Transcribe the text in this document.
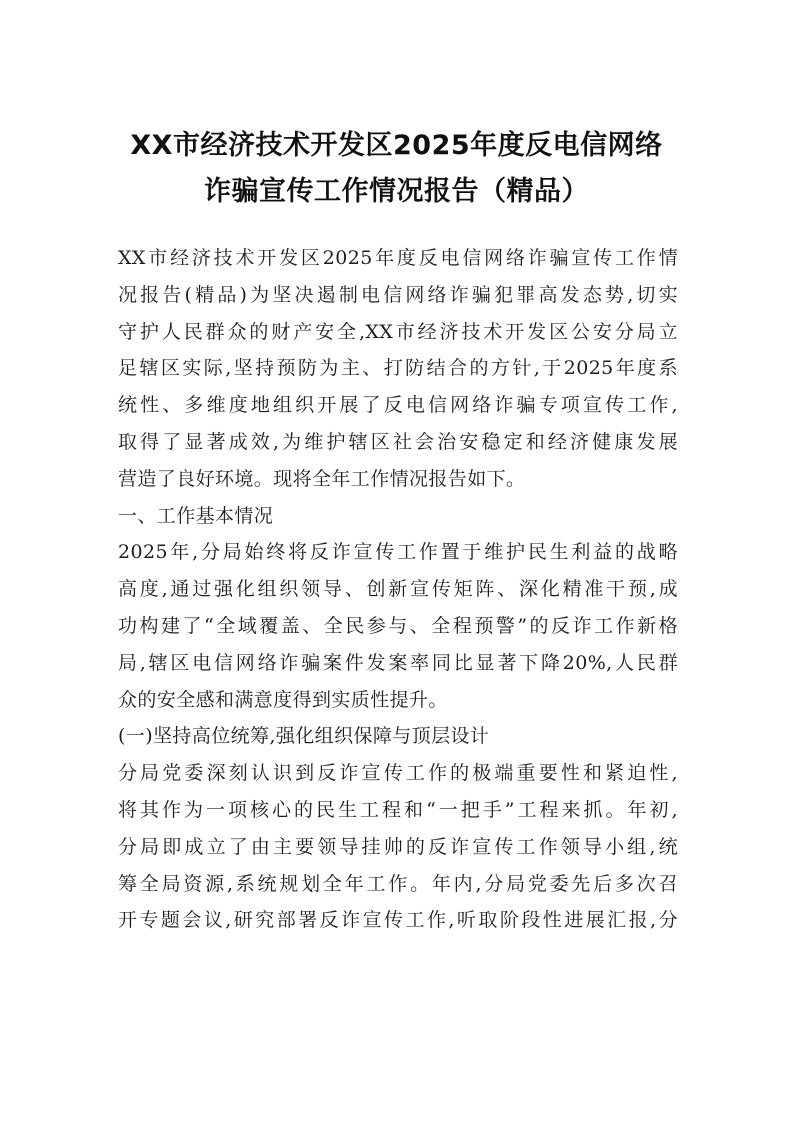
XX市经济技术开发区2025年度反电信网络
诈骗宣传工作情况报告（精品）
XX市经济技术开发区2025年度反电信网络诈骗宣传工作情
况报告(精品)为坚决遏制电信网络诈骗犯罪高发态势,切实
守护人民群众的财产安全,XX市经济技术开发区公安分局立
足辖区实际,坚持预防为主、打防结合的方针,于2025年度系
统性、多维度地组织开展了反电信网络诈骗专项宣传工作,
取得了显著成效,为维护辖区社会治安稳定和经济健康发展
营造了良好环境。现将全年工作情况报告如下。
一、工作基本情况
2025年,分局始终将反诈宣传工作置于维护民生利益的战略
高度,通过强化组织领导、创新宣传矩阵、深化精准干预,成
功构建了“全域覆盖、全民参与、全程预警”的反诈工作新格
局,辖区电信网络诈骗案件发案率同比显著下降20%,人民群
众的安全感和满意度得到实质性提升。
(一)坚持高位统筹,强化组织保障与顶层设计
分局党委深刻认识到反诈宣传工作的极端重要性和紧迫性,
将其作为一项核心的民生工程和“一把手”工程来抓。年初,
分局即成立了由主要领导挂帅的反诈宣传工作领导小组,统
筹全局资源,系统规划全年工作。年内,分局党委先后多次召
开专题会议,研究部署反诈宣传工作,听取阶段性进展汇报,分
